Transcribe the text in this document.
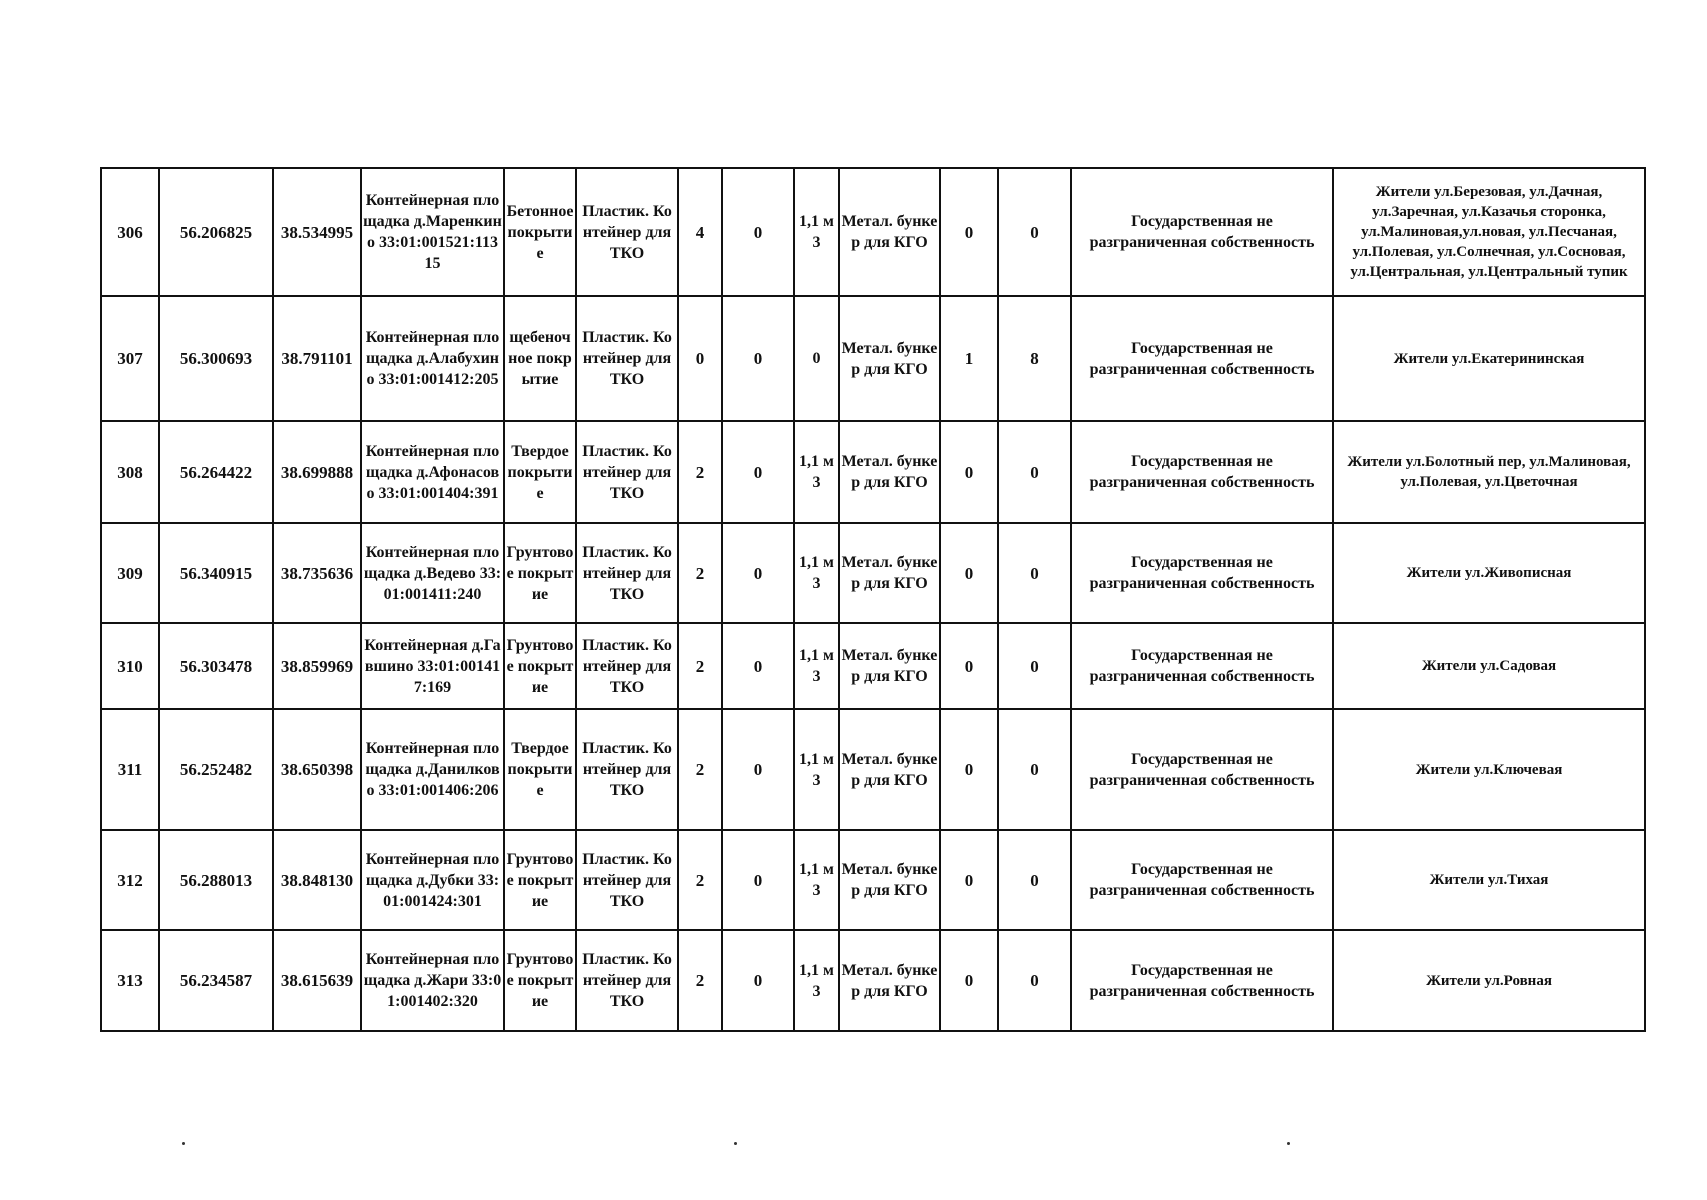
306	56.206825	38.534995	Контейнерная площадка д.Маренкино 33:01:001521:11315	Бетонное покрытие	Пластик. Контейнер для ТКО	4	0	1,1 м3	Метал. бункер для КГО	0	0	Государственная не разграниченная собственность	Жители ул.Березовая, ул.Дачная, ул.Заречная, ул.Казачья сторонка, ул.Малиновая,ул.новая, ул.Песчаная, ул.Полевая, ул.Солнечная, ул.Сосновая, ул.Центральная, ул.Центральный тупик
307	56.300693	38.791101	Контейнерная площадка д.Алабухино 33:01:001412:205	щебеночное покрытие	Пластик. Контейнер для ТКО	0	0	0	Метал. бункер для КГО	1	8	Государственная не разграниченная собственность	Жители ул.Екатерининская
308	56.264422	38.699888	Контейнерная площадка д.Афонасово 33:01:001404:391	Твердое покрытие	Пластик. Контейнер для ТКО	2	0	1,1 м3	Метал. бункер для КГО	0	0	Государственная не разграниченная собственность	Жители ул.Болотный пер, ул.Малиновая, ул.Полевая, ул.Цветочная
309	56.340915	38.735636	Контейнерная площадка д.Ведево 33:01:001411:240	Грунтовое покрытие	Пластик. Контейнер для ТКО	2	0	1,1 м3	Метал. бункер для КГО	0	0	Государственная не разграниченная собственность	Жители ул.Живописная
310	56.303478	38.859969	Контейнерная д.Гавшино 33:01:001417:169	Грунтовое покрытие	Пластик. Контейнер для ТКО	2	0	1,1 м3	Метал. бункер для КГО	0	0	Государственная не разграниченная собственность	Жители ул.Садовая
311	56.252482	38.650398	Контейнерная площадка д.Данилково 33:01:001406:206	Твердое покрытие	Пластик. Контейнер для ТКО	2	0	1,1 м3	Метал. бункер для КГО	0	0	Государственная не разграниченная собственность	Жители ул.Ключевая
312	56.288013	38.848130	Контейнерная площадка д.Дубки 33:01:001424:301	Грунтовое покрытие	Пластик. Контейнер для ТКО	2	0	1,1 м3	Метал. бункер для КГО	0	0	Государственная не разграниченная собственность	Жители ул.Тихая
313	56.234587	38.615639	Контейнерная площадка д.Жари 33:01:001402:320	Грунтовое покрытие	Пластик. Контейнер для ТКО	2	0	1,1 м3	Метал. бункер для КГО	0	0	Государственная не разграниченная собственность	Жители ул.Ровная
